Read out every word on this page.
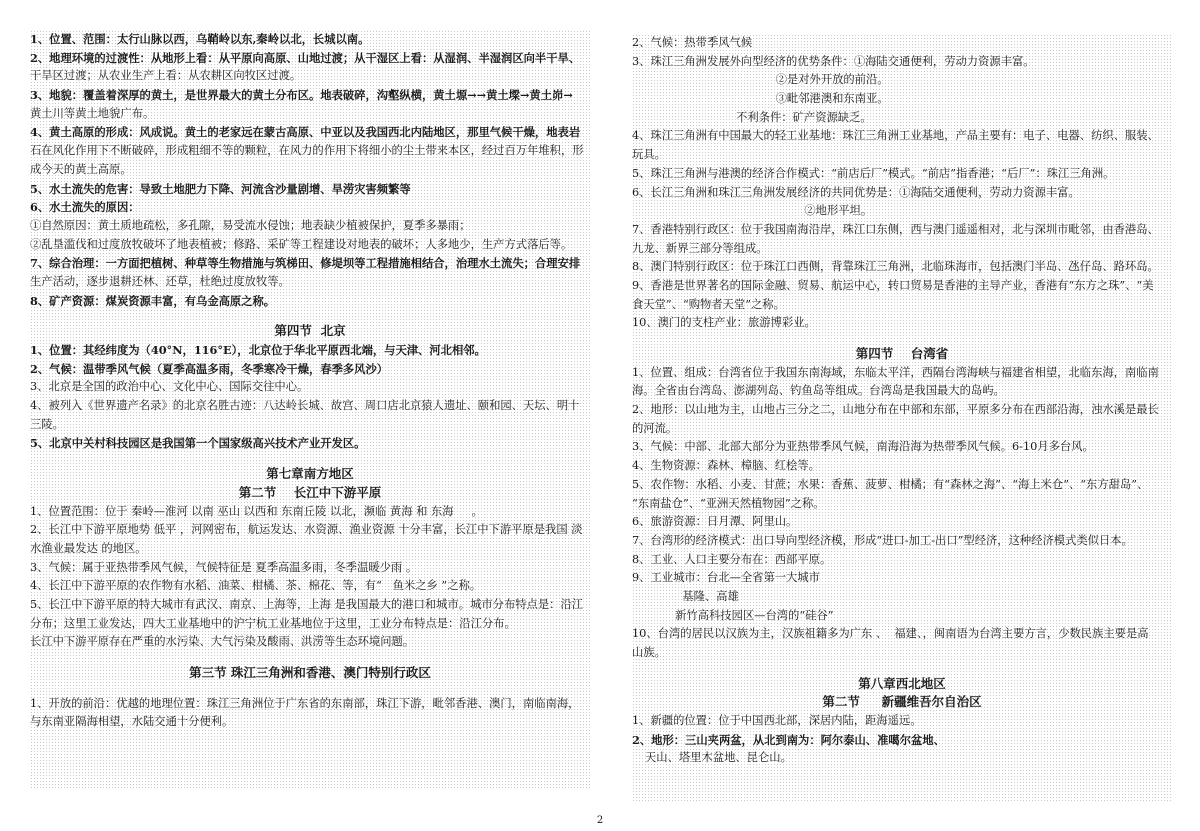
1、位置、范围：太行山脉以西，乌鞘岭以东,秦岭以北，长城以南。
2、地理环境的过渡性：从地形上看：从平原向高原、山地过渡；从干湿区上看：从湿润、半湿润区向半干旱、
干旱区过渡；从农业生产上看：从农耕区向牧区过渡。
3、地貌：覆盖着深厚的黄土，是世界最大的黄土分布区。地表破碎，沟壑纵横，黄土塬→→黄土墚→黄土峁→
黄土川等黄土地貌广布。
4、黄土高原的形成：风成说。黄土的老家远在蒙古高原、中亚以及我国西北内陆地区，那里气候干燥，地表岩
石在风化作用下不断破碎，形成粗细不等的颗粒，在风力的作用下将细小的尘土带来本区，经过百万年堆积，形
成今天的黄土高原。
5、水土流失的危害：导致土地肥力下降、河流含沙量剧增、旱涝灾害频繁等
6、水土流失的原因：
①自然原因：黄土质地疏松，多孔隙，易受流水侵蚀；地表缺少植被保护，夏季多暴雨；
②乱垦滥伐和过度放牧破坏了地表植被；修路、采矿等工程建设对地表的破坏；人多地少，生产方式落后等。
7、综合治理：一方面把植树、种草等生物措施与筑梯田、修堤坝等工程措施相结合，治理水土流失；合理安排
生产活动，逐步退耕还林、还草，杜绝过度放牧等。
8、矿产资源：煤炭资源丰富，有乌金高原之称。
第四节  北京
1、位置：其经纬度为（40°N，116°E），北京位于华北平原西北端，与天津、河北相邻。
2、气候：温带季风气候（夏季高温多雨，冬季寒冷干燥，春季多风沙）
3、北京是全国的政治中心、文化中心、国际交往中心。
4、被列入《世界遗产名录》的北京名胜古迹：八达岭长城、故宫、周口店北京猿人遗址、颐和园、天坛、明十
三陵。
5、北京中关村科技园区是我国第一个国家级高兴技术产业开发区。
第七章南方地区
第二节    长江中下游平原
1、位置范围：位于 秦岭—淮河 以南 巫山 以西和 东南丘陵 以北，濒临 黄海 和 东海     。
2、长江中下游平原地势 低平 ，河网密布，航运发达、水资源、渔业资源 十分丰富，长江中下游平原是我国 淡
水渔业最发达 的地区。
3、气候：属于亚热带季风气候，气候特征是 夏季高温多雨，冬季温暖少雨 。
4、长江中下游平原的农作物有水稻、油菜、柑橘、茶、棉花、等，有“   鱼米之乡 ”之称。
5、长江中下游平原的特大城市有武汉、南京、上海等，上海 是我国最大的港口和城市。城市分布特点是：沿江
分布；这里工业发达，四大工业基地中的沪宁杭工业基地位于这里，工业分布特点是：沿江分布。
长江中下游平原存在严重的水污染、大气污染及酸雨、洪涝等生态环境问题。
第三节 珠江三角洲和香港、澳门特别行政区
1、开放的前沿：优越的地理位置：珠江三角洲位于广东省的东南部，珠江下游，毗邻香港、澳门，南临南海，
与东南亚隔海相望，水陆交通十分便利。
2、气候：热带季风气候
3、珠江三角洲发展外向型经济的优势条件：①海陆交通便利，劳动力资源丰富。
②是对外开放的前沿。
③毗邻港澳和东南亚。
不利条件：矿产资源缺乏。
4、珠江三角洲有中国最大的轻工业基地：珠江三角洲工业基地，产品主要有：电子、电器、纺织、服装、
玩具。
5、珠江三角洲与港澳的经济合作模式：“前店后厂”模式。“前店”指香港；“后厂”：珠江三角洲。
6、长江三角洲和珠江三角洲发展经济的共同优势是：①海陆交通便利，劳动力资源丰富。
②地形平坦。
7、香港特别行政区：位于我国南海沿岸，珠江口东侧，西与澳门遥遥相对，北与深圳市毗邻，由香港岛、
九龙、新界三部分等组成。
8、澳门特别行政区：位于珠江口西侧，背靠珠江三角洲，北临珠海市，包括澳门半岛、氹仔岛、路环岛。
9、香港是世界著名的国际金融、贸易、航运中心，转口贸易是香港的主导产业，香港有“东方之珠”、“美
食天堂”、“购物者天堂”之称。
10、澳门的支柱产业：旅游博彩业。
第四节    台湾省
1、位置、组成：台湾省位于我国东南海域，东临太平洋，西隔台湾海峡与福建省相望，北临东海，南临南
海。全省由台湾岛、澎湖列岛、钓鱼岛等组成。台湾岛是我国最大的岛屿。
2、地形：以山地为主，山地占三分之二，山地分布在中部和东部，平原多分布在西部沿海，浊水溪是最长
的河流。
3、气候：中部、北部大部分为亚热带季风气候，南海沿海为热带季风气候。6-10月多台风。
4、生物资源：森林、樟脑、红桧等。
5、农作物：水稻、小麦、甘蔗；水果：香蕉、菠萝、柑橘；有“森林之海”、“海上米仓”、“东方甜岛”、
“东南盐仓”、“亚洲天然植物园”之称。
6、旅游资源：日月潭、阿里山。
7、台湾形的经济模式：出口导向型经济模，形成“进口-加工-出口”型经济，这种经济模式类似日本。
8、工业、人口主要分布在：西部平原。
9、工业城市：台北—全省第一大城市
基隆、高雄
新竹高科技园区—台湾的“硅谷”
10、台湾的居民以汉族为主，汉族祖籍多为广东 、  福建、，闽南语为台湾主要方言，少数民族主要是高
山族。
第八章西北地区
第二节     新疆维吾尔自治区
1、新疆的位置：位于中国西北部，深居内陆，距海遥远。
2、地形：三山夹两盆，从北到南为：阿尔泰山、准噶尔盆地、
天山、塔里木盆地、昆仑山。
2
